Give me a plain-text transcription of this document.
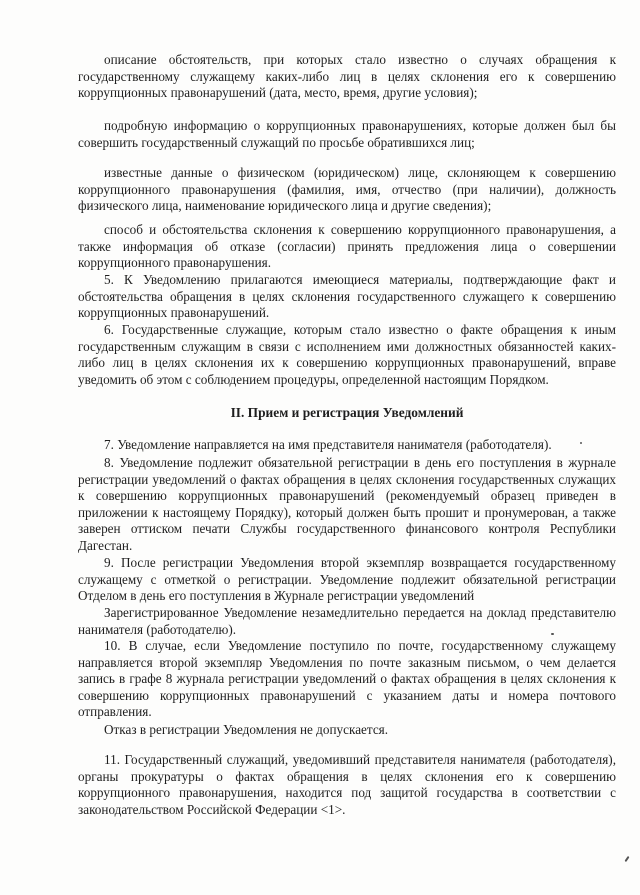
описание обстоятельств, при которых стало известно о случаях обращения к государственному служащему каких-либо лиц в целях склонения его к совершению коррупционных правонарушений (дата, место, время, другие условия);

подробную информацию о коррупционных правонарушениях, которые должен был бы совершить государственный служащий по просьбе обратившихся лиц;

известные данные о физическом (юридическом) лице, склоняющем к совершению коррупционного правонарушения (фамилия, имя, отчество (при наличии), должность физического лица, наименование юридического лица и другие сведения);

способ и обстоятельства склонения к совершению коррупционного правонарушения, а также информация об отказе (согласии) принять предложения лица о совершении коррупционного правонарушения.

5. К Уведомлению прилагаются имеющиеся материалы, подтверждающие факт и обстоятельства обращения в целях склонения государственного служащего к совершению коррупционных правонарушений.

6. Государственные служащие, которым стало известно о факте обращения к иным государственным служащим в связи с исполнением ими должностных обязанностей каких-либо лиц в целях склонения их к совершению коррупционных правонарушений, вправе уведомить об этом с соблюдением процедуры, определенной настоящим Порядком.

II. Прием и регистрация Уведомлений

7. Уведомление направляется на имя представителя нанимателя (работодателя).

8. Уведомление подлежит обязательной регистрации в день его поступления в журнале регистрации уведомлений о фактах обращения в целях склонения государственных служащих к совершению коррупционных правонарушений (рекомендуемый образец приведен в приложении к настоящему Порядку), который должен быть прошит и пронумерован, а также заверен оттиском печати Службы государственного финансового контроля Республики Дагестан.

9. После регистрации Уведомления второй экземпляр возвращается государственному служащему с отметкой о регистрации. Уведомление подлежит обязательной регистрации Отделом в день его поступления в Журнале регистрации уведомлений

Зарегистрированное Уведомление незамедлительно передается на доклад представителю нанимателя (работодателю).

10. В случае, если Уведомление поступило по почте, государственному служащему направляется второй экземпляр Уведомления по почте заказным письмом, о чем делается запись в графе 8 журнала регистрации уведомлений о фактах обращения в целях склонения к совершению коррупционных правонарушений с указанием даты и номера почтового отправления.

Отказ в регистрации Уведомления не допускается.

11. Государственный служащий, уведомивший представителя нанимателя (работодателя), органы прокуратуры о фактах обращения в целях склонения его к совершению коррупционного правонарушения, находится под защитой государства в соответствии с законодательством Российской Федерации <1>.
